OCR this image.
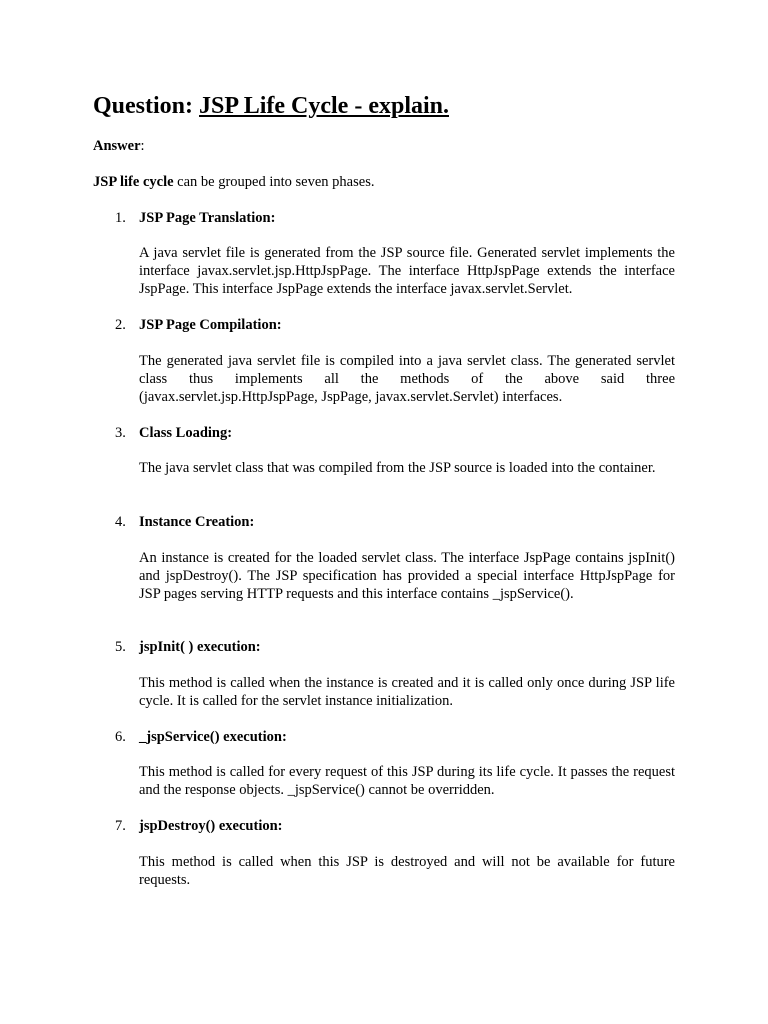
Question: JSP Life Cycle - explain.

Answer:

JSP life cycle can be grouped into seven phases.

1. JSP Page Translation:

A java servlet file is generated from the JSP source file. Generated servlet implements the interface javax.servlet.jsp.HttpJspPage. The interface HttpJspPage extends the interface JspPage. This interface JspPage extends the interface javax.servlet.Servlet.

2. JSP Page Compilation:

The generated java servlet file is compiled into a java servlet class. The generated servlet class thus implements all the methods of the above said three (javax.servlet.jsp.HttpJspPage, JspPage, javax.servlet.Servlet) interfaces.

3. Class Loading:

The java servlet class that was compiled from the JSP source is loaded into the container.

4. Instance Creation:

An instance is created for the loaded servlet class. The interface JspPage contains jspInit() and jspDestroy(). The JSP specification has provided a special interface HttpJspPage for JSP pages serving HTTP requests and this interface contains _jspService().

5. jspInit( ) execution:

This method is called when the instance is created and it is called only once during JSP life cycle. It is called for the servlet instance initialization.

6. _jspService() execution:

This method is called for every request of this JSP during its life cycle. It passes the request and the response objects. _jspService() cannot be overridden.

7. jspDestroy() execution:

This method is called when this JSP is destroyed and will not be available for future requests.
